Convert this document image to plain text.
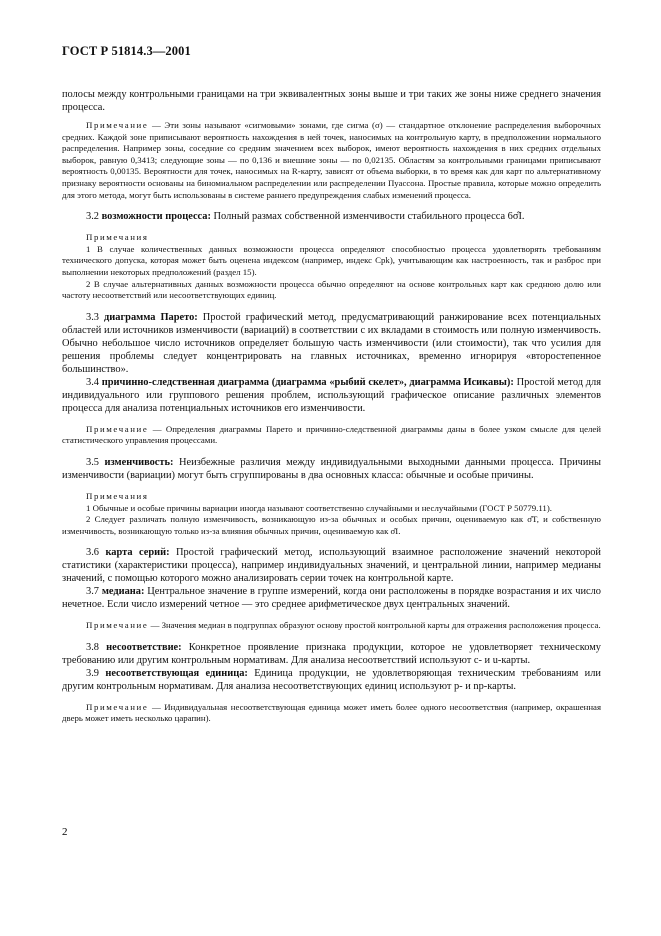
ГОСТ Р 51814.3—2001

полосы между контрольными границами на три эквивалентных зоны выше и три таких же зоны ниже среднего значения процесса.

Примечание — Эти зоны называют «сигмовыми» зонами, где сигма (σ) — стандартное отклонение распределения выборочных средних. Каждой зоне приписывают вероятность нахождения в ней точек, наносимых на контрольную карту, в предположении нормального распределения. Например зоны, соседние со средним значением всех выборок, имеют вероятность нахождения в них средних отдельных выборок, равную 0,3413; следующие зоны — по 0,136 и внешние зоны — по 0,02135. Областям за контрольными границами приписывают вероятность 0,00135. Вероятности для точек, наносимых на R-карту, зависят от объема выборки, в то время как для карт по альтернативному признаку вероятности основаны на биномиальном распределении или распределении Пуассона. Простые правила, которые можно определить для этого метода, могут быть использованы в системе раннего предупреждения слабых изменений процесса.

3.2 возможности процесса: Полный размах собственной изменчивости стабильного процесса 6σ̂I.

Примечания

1 В случае количественных данных возможности процесса определяют способностью процесса удовлетворять требованиям технического допуска, которая может быть оценена индексом (например, индекс Cpk), учитывающим как настроенность, так и разброс при выполнении некоторых предположений (раздел 15).

2 В случае альтернативных данных возможности процесса обычно определяют на основе контрольных карт как среднюю долю или частоту несоответствий или несоответствующих единиц.

3.3 диаграмма Парето: Простой графический метод, предусматривающий ранжирование всех потенциальных областей или источников изменчивости (вариаций) в соответствии с их вкладами в стоимость или полную изменчивость. Обычно небольшое число источников определяет большую часть изменчивости (или стоимости), так что усилия для решения проблемы следует концентрировать на главных источниках, временно игнорируя «второстепенное большинство».

3.4 причинно-следственная диаграмма (диаграмма «рыбий скелет», диаграмма Исикавы): Простой метод для индивидуального или группового решения проблем, использующий графическое описание различных элементов процесса для анализа потенциальных источников его изменчивости.

Примечание — Определения диаграммы Парето и причинно-следственной диаграммы даны в более узком смысле для целей статистического управления процессами.

3.5 изменчивость: Неизбежные различия между индивидуальными выходными данными процесса. Причины изменчивости (вариации) могут быть сгруппированы в два основных класса: обычные и особые причины.

Примечания

1 Обычные и особые причины вариации иногда называют соответственно случайными и неслучайными (ГОСТ Р 50779.11).

2 Следует различать полную изменчивость, возникающую из-за обычных и особых причин, оцениваемую как σ̂T, и собственную изменчивость, возникающую только из-за влияния обычных причин, оцениваемую как σ̂I.

3.6 карта серий: Простой графический метод, использующий взаимное расположение значений некоторой статистики (характеристики процесса), например индивидуальных значений, и центральной линии, например медианы значений, с помощью которого можно анализировать серии точек на контрольной карте.

3.7 медиана: Центральное значение в группе измерений, когда они расположены в порядке возрастания и их число нечетное. Если число измерений четное — это среднее арифметическое двух центральных значений.

Примечание — Значения медиан в подгруппах образуют основу простой контрольной карты для отражения расположения процесса.

3.8 несоответствие: Конкретное проявление признака продукции, которое не удовлетворяет техническому требованию или другим контрольным нормативам. Для анализа несоответствий используют c- и u-карты.

3.9 несоответствующая единица: Единица продукции, не удовлетворяющая техническим требованиям или другим контрольным нормативам. Для анализа несоответствующих единиц используют p- и np-карты.

Примечание — Индивидуальная несоответствующая единица может иметь более одного несоответствия (например, окрашенная дверь может иметь несколько царапин).

2
